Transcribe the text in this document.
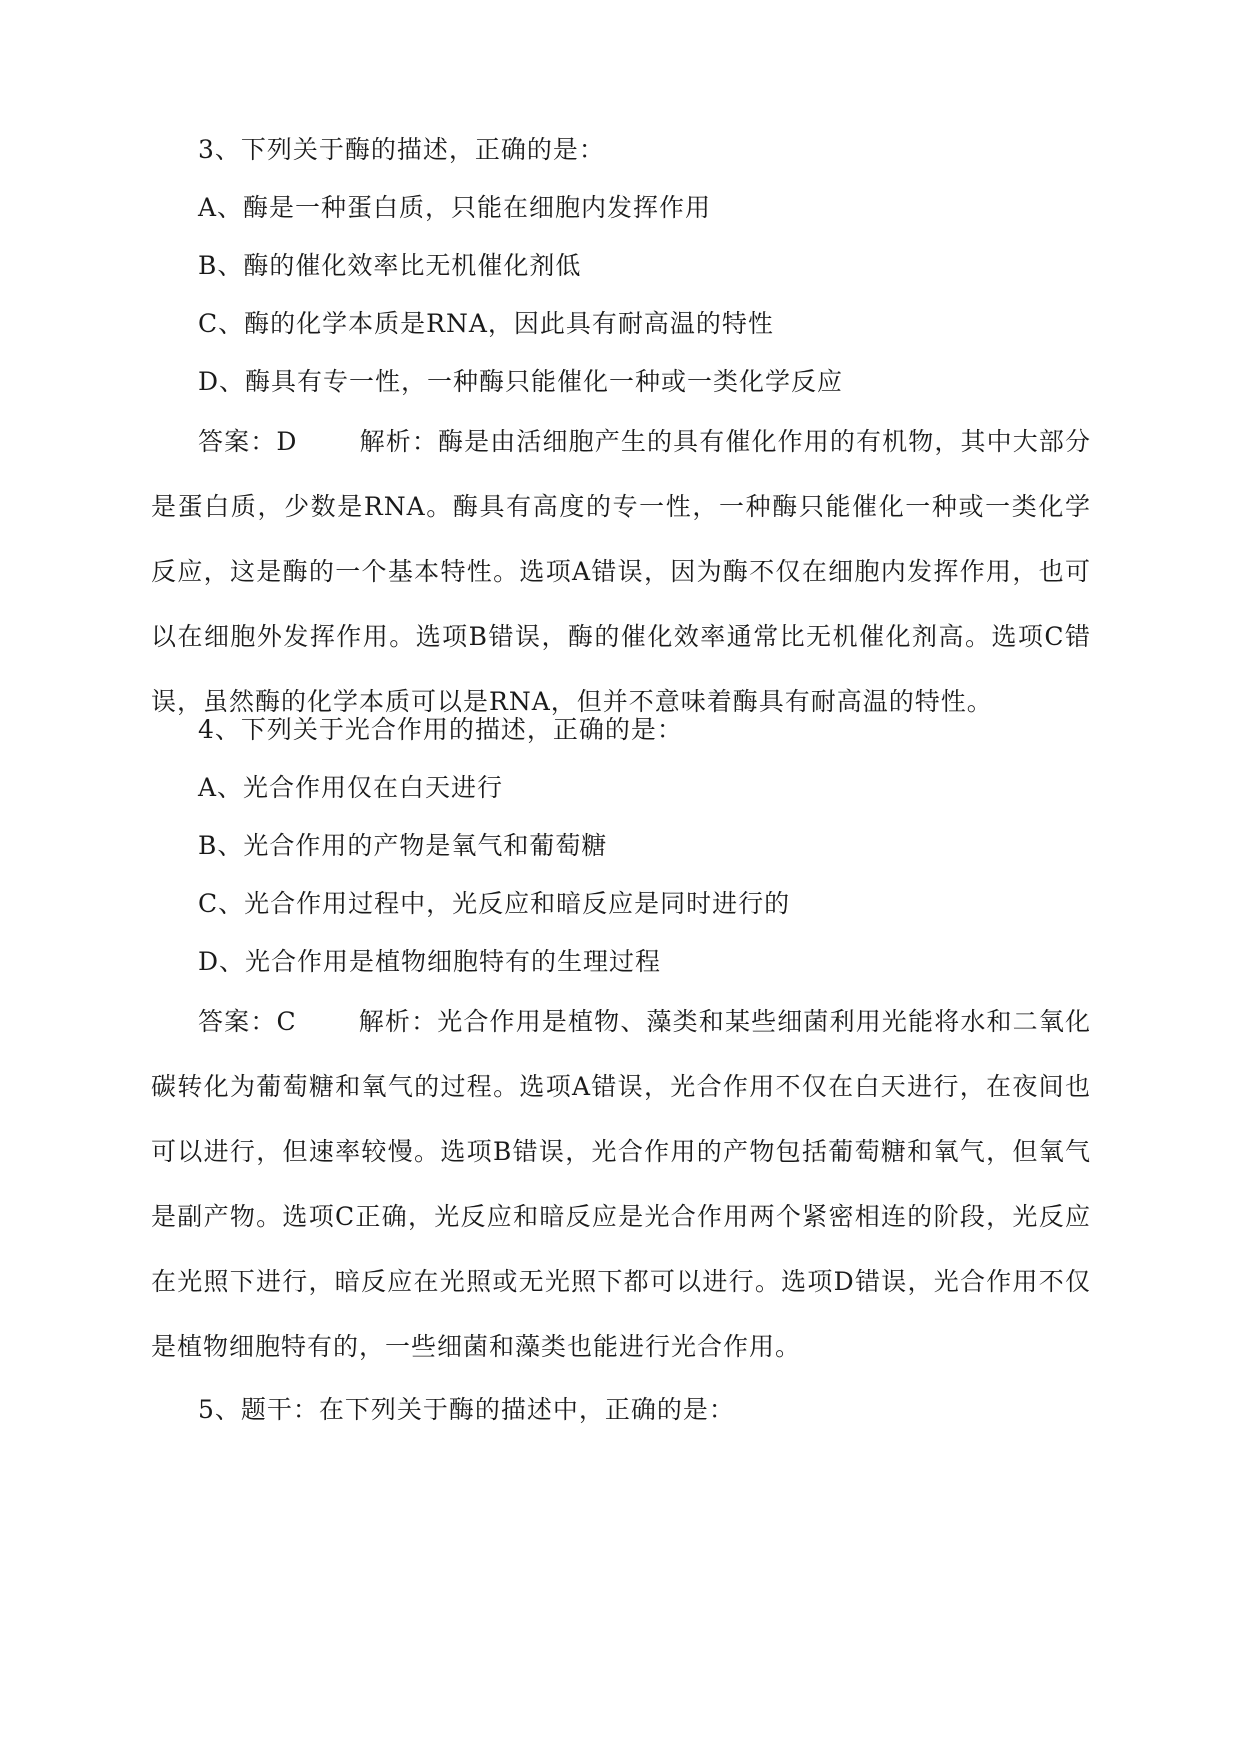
3、下列关于酶的描述，正确的是：
A、酶是一种蛋白质，只能在细胞内发挥作用
B、酶的催化效率比无机催化剂低
C、酶的化学本质是RNA，因此具有耐高温的特性
D、酶具有专一性，一种酶只能催化一种或一类化学反应
答案：D 解析：酶是由活细胞产生的具有催化作用的有机物，其中大部分是蛋白质，少数是RNA。酶具有高度的专一性，一种酶只能催化一种或一类化学反应，这是酶的一个基本特性。选项A错误，因为酶不仅在细胞内发挥作用，也可以在细胞外发挥作用。选项B错误，酶的催化效率通常比无机催化剂高。选项C错误，虽然酶的化学本质可以是RNA，但并不意味着酶具有耐高温的特性。
4、下列关于光合作用的描述，正确的是：
A、光合作用仅在白天进行
B、光合作用的产物是氧气和葡萄糖
C、光合作用过程中，光反应和暗反应是同时进行的
D、光合作用是植物细胞特有的生理过程
答案：C 解析：光合作用是植物、藻类和某些细菌利用光能将水和二氧化碳转化为葡萄糖和氧气的过程。选项A错误，光合作用不仅在白天进行，在夜间也可以进行，但速率较慢。选项B错误，光合作用的产物包括葡萄糖和氧气，但氧气是副产物。选项C正确，光反应和暗反应是光合作用两个紧密相连的阶段，光反应在光照下进行，暗反应在光照或无光照下都可以进行。选项D错误，光合作用不仅是植物细胞特有的，一些细菌和藻类也能进行光合作用。
5、题干：在下列关于酶的描述中，正确的是：
